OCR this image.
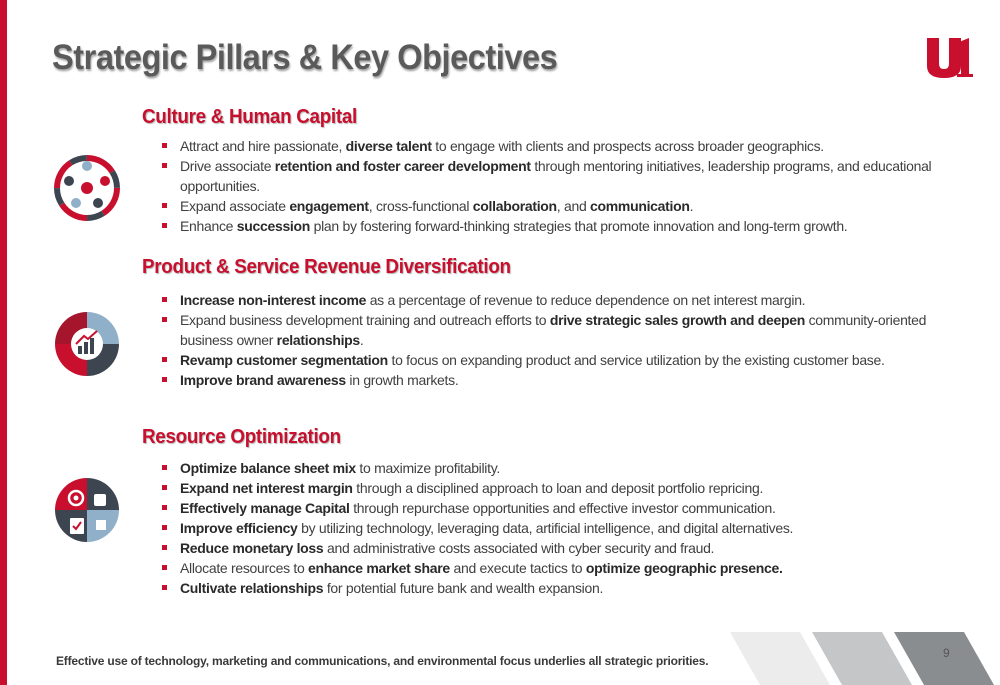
Strategic Pillars & Key Objectives
Culture & Human Capital
Attract and hire passionate, diverse talent to engage with clients and prospects across broader geographics.
Drive associate retention and foster career development through mentoring initiatives, leadership programs, and educational opportunities.
Expand associate engagement, cross-functional collaboration, and communication.
Enhance succession plan by fostering forward-thinking strategies that promote innovation and long-term growth.
Product & Service Revenue Diversification
Increase non-interest income as a percentage of revenue to reduce dependence on net interest margin.
Expand business development training and outreach efforts to drive strategic sales growth and deepen community-oriented business owner relationships.
Revamp customer segmentation to focus on expanding product and service utilization by the existing customer base.
Improve brand awareness in growth markets.
Resource Optimization
Optimize balance sheet mix to maximize profitability.
Expand net interest margin through a disciplined approach to loan and deposit portfolio repricing.
Effectively manage Capital through repurchase opportunities and effective investor communication.
Improve efficiency by utilizing technology, leveraging data, artificial intelligence, and digital alternatives.
Reduce monetary loss and administrative costs associated with cyber security and fraud.
Allocate resources to enhance market share and execute tactics to optimize geographic presence.
Cultivate relationships for potential future bank and wealth expansion.
Effective use of technology, marketing and communications, and environmental focus underlies all strategic priorities.
9
